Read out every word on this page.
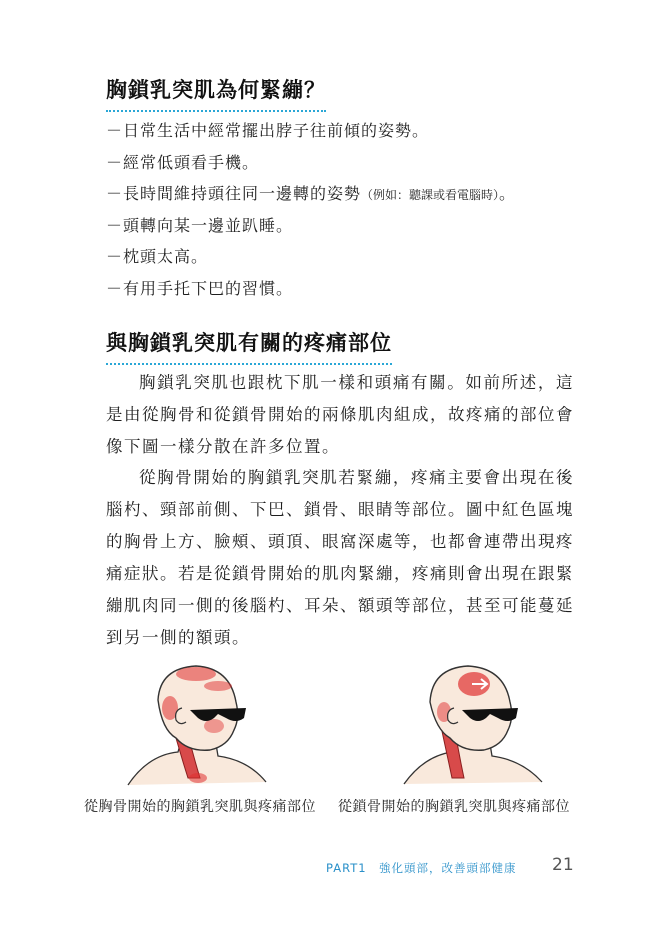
胸鎖乳突肌為何緊繃？
－日常生活中經常擺出脖子往前傾的姿勢。
－經常低頭看手機。
－長時間維持頭往同一邊轉的姿勢（例如：聽課或看電腦時）。
－頭轉向某一邊並趴睡。
－枕頭太高。
－有用手托下巴的習慣。
與胸鎖乳突肌有關的疼痛部位

胸鎖乳突肌也跟枕下肌一樣和頭痛有關。如前所述，這是由從胸骨和從鎖骨開始的兩條肌肉組成，故疼痛的部位會像下圖一樣分散在許多位置。

從胸骨開始的胸鎖乳突肌若緊繃，疼痛主要會出現在後腦杓、頸部前側、下巴、鎖骨、眼睛等部位。圖中紅色區塊的胸骨上方、臉頰、頭頂、眼窩深處等，也都會連帶出現疼痛症狀。若是從鎖骨開始的肌肉緊繃，疼痛則會出現在跟緊繃肌肉同一側的後腦杓、耳朵、額頭等部位，甚至可能蔓延到另一側的額頭。

從胸骨開始的胸鎖乳突肌與疼痛部位 從鎖骨開始的胸鎖乳突肌與疼痛部位
PART1　強化頭部，改善頭部健康 21
